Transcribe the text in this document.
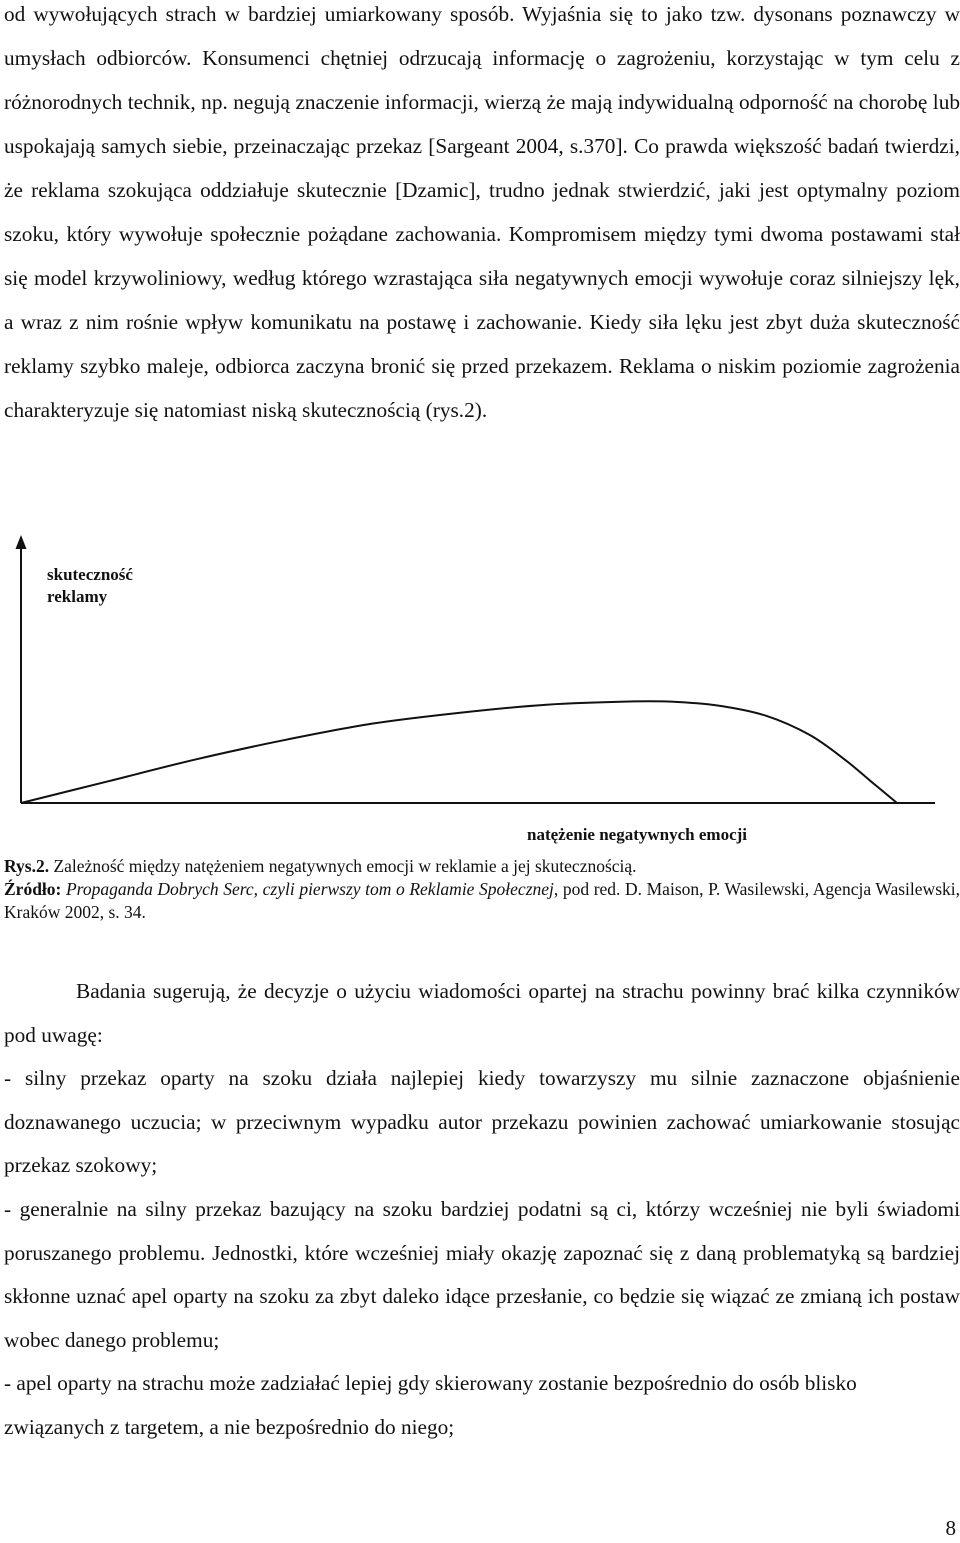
od wywołujących strach w bardziej umiarkowany sposób. Wyjaśnia się to jako tzw. dysonans poznawczy w umysłach odbiorców. Konsumenci chętniej odrzucają informację o zagrożeniu, korzystając w tym celu z różnorodnych technik, np. negują znaczenie informacji, wierzą że mają indywidualną odporność na chorobę lub uspokajają samych siebie, przeinaczając przekaz [Sargeant 2004, s.370]. Co prawda większość badań twierdzi, że reklama szokująca oddziałuje skutecznie [Dzamic], trudno jednak stwierdzić, jaki jest optymalny poziom szoku, który wywołuje społecznie pożądane zachowania. Kompromisem między tymi dwoma postawami stał się model krzywoliniowy, według którego wzrastająca siła negatywnych emocji wywołuje coraz silniejszy lęk, a wraz z nim rośnie wpływ komunikatu na postawę i zachowanie. Kiedy siła lęku jest zbyt duża skuteczność reklamy szybko maleje, odbiorca zaczyna bronić się przed przekazem. Reklama o niskim poziomie zagrożenia charakteryzuje się natomiast niską skutecznością (rys.2).

skuteczność
reklamy

natężenie negatywnych emocji

Rys.2. Zależność między natężeniem negatywnych emocji w reklamie a jej skutecznością.
Źródło: Propaganda Dobrych Serc, czyli pierwszy tom o Reklamie Społecznej, pod red. D. Maison, P. Wasilewski, Agencja Wasilewski, Kraków 2002, s. 34.

Badania sugerują, że decyzje o użyciu wiadomości opartej na strachu powinny brać kilka czynników pod uwagę:

- silny przekaz oparty na szoku działa najlepiej kiedy towarzyszy mu silnie zaznaczone objaśnienie doznawanego uczucia; w przeciwnym wypadku autor przekazu powinien zachować umiarkowanie stosując przekaz szokowy;

- generalnie na silny przekaz bazujący na szoku bardziej podatni są ci, którzy wcześniej nie byli świadomi poruszanego problemu. Jednostki, które wcześniej miały okazję zapoznać się z daną problematyką są bardziej skłonne uznać apel oparty na szoku za zbyt daleko idące przesłanie, co będzie się wiązać ze zmianą ich postaw wobec danego problemu;

- apel oparty na strachu może zadziałać lepiej gdy skierowany zostanie bezpośrednio do osób blisko związanych z targetem, a nie bezpośrednio do niego;

8
